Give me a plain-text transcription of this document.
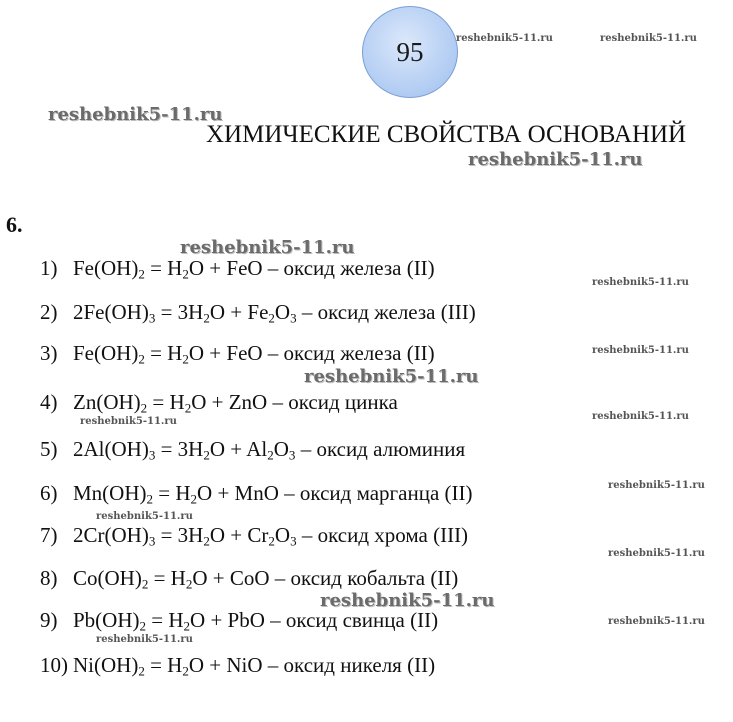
95	reshebnik5-11.ru	reshebnik5-11.ru
reshebnik5-11.ru
reshebnik5-11.ru
reshebnik5-11.ru
reshebnik5-11.ru
reshebnik5-11.ru
reshebnik5-11.ru
reshebnik5-11.ru
reshebnik5-11.ru
reshebnik5-11.ru
reshebnik5-11.ru
reshebnik5-11.ru
reshebnik5-11.ru
reshebnik5-11.ru
reshebnik5-11.ru
ХИМИЧЕСКИЕ СВОЙСТВА ОСНОВАНИЙ
6.
1) $Fe(OH)_2 = H_2O$ + FeO – оксид железа (II)
2) $2Fe(OH)_3 = 3H_2O + Fe_2O_3$ – оксид железа (III)
3) $Fe(OH)_2 = H_2O$ + FeO – оксид железа (II)
4) $Zn(OH)_2 = H_2O$ + ZnO – оксид цинка
5) $2Al(OH)_3 = 3H_2O + Al_2O_3$ – оксид алюминия
6) $Mn(OH)_2 = H_2O$ + MnO – оксид марганца (II)
7) $2Cr(OH)_3 = 3H_2O + Cr_2O_3$ – оксид хрома (III)
8) $Co(OH)_2 = H_2O$ + CoO – оксид кобальта (II)
9) $Pb(OH)_2 = H_2O$ + PbO – оксид свинца (II)
10) $Ni(OH)_2 = H_2O$ + NiO – оксид никеля (II)
